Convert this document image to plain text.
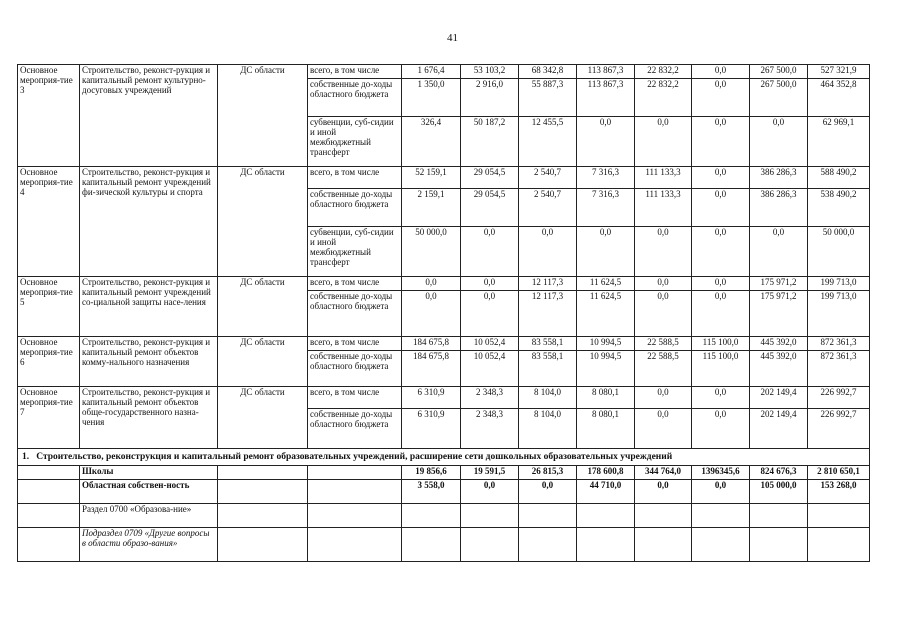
41
Основное мероприя-тие 3	Строительство, реконст-рукция и капитальный ремонт культурно-досуговых учреждений	ДС области	всего, в том числе	1 676,4	53 103,2	68 342,8	113 867,3	22 832,2	0,0	267 500,0	527 321,9
			собственные до-ходы областного бюджета	1 350,0	2 916,0	55 887,3	113 867,3	22 832,2	0,0	267 500,0	464 352,8
			субвенции, суб-сидии и иной межбюджетный трансферт	326,4	50 187,2	12 455,5	0,0	0,0	0,0	0,0	62 969,1
Основное мероприя-тие 4	Строительство, реконст-рукция и капитальный ремонт учреждений фи-зической культуры и спорта	ДС области	всего, в том числе	52 159,1	29 054,5	2 540,7	7 316,3	111 133,3	0,0	386 286,3	588 490,2
			собственные до-ходы областного бюджета	2 159,1	29 054,5	2 540,7	7 316,3	111 133,3	0,0	386 286,3	538 490,2
			субвенции, суб-сидии и иной межбюджетный трансферт	50 000,0	0,0	0,0	0,0	0,0	0,0	0,0	50 000,0
Основное мероприя-тие 5	Строительство, реконст-рукция и капитальный ремонт учреждений со-циальной защиты насе-ления	ДС области	всего, в том числе	0,0	0,0	12 117,3	11 624,5	0,0	0,0	175 971,2	199 713,0
			собственные до-ходы областного бюджета	0,0	0,0	12 117,3	11 624,5	0,0	0,0	175 971,2	199 713,0
Основное мероприя-тие 6	Строительство, реконст-рукция и капитальный ремонт объектов комму-нального назначения	ДС области	всего, в том числе	184 675,8	10 052,4	83 558,1	10 994,5	22 588,5	115 100,0	445 392,0	872 361,3
			собственные до-ходы областного бюджета	184 675,8	10 052,4	83 558,1	10 994,5	22 588,5	115 100,0	445 392,0	872 361,3
Основное мероприя-тие 7	Строительство, реконст-рукция и капитальный ремонт объектов обще-государственного назна-чения	ДС области	всего, в том числе	6 310,9	2 348,3	8 104,0	8 080,1	0,0	0,0	202 149,4	226 992,7
			собственные до-ходы областного бюджета	6 310,9	2 348,3	8 104,0	8 080,1	0,0	0,0	202 149,4	226 992,7
1. Строительство, реконструкция и капитальный ремонт образовательных учреждений, расширение сети дошкольных образовательных учреждений											
	Школы			19 856,6	19 591,5	26 815,3	178 600,8	344 764,0	1396345,6	824 676,3	2 810 650,1
	Областная собствен-ность			3 558,0	0,0	0,0	44 710,0	0,0	0,0	105 000,0	153 268,0
	Раздел 0700 «Образова-ние»										
	Подраздел 0709 «Другие вопросы в области образо-вания»										
